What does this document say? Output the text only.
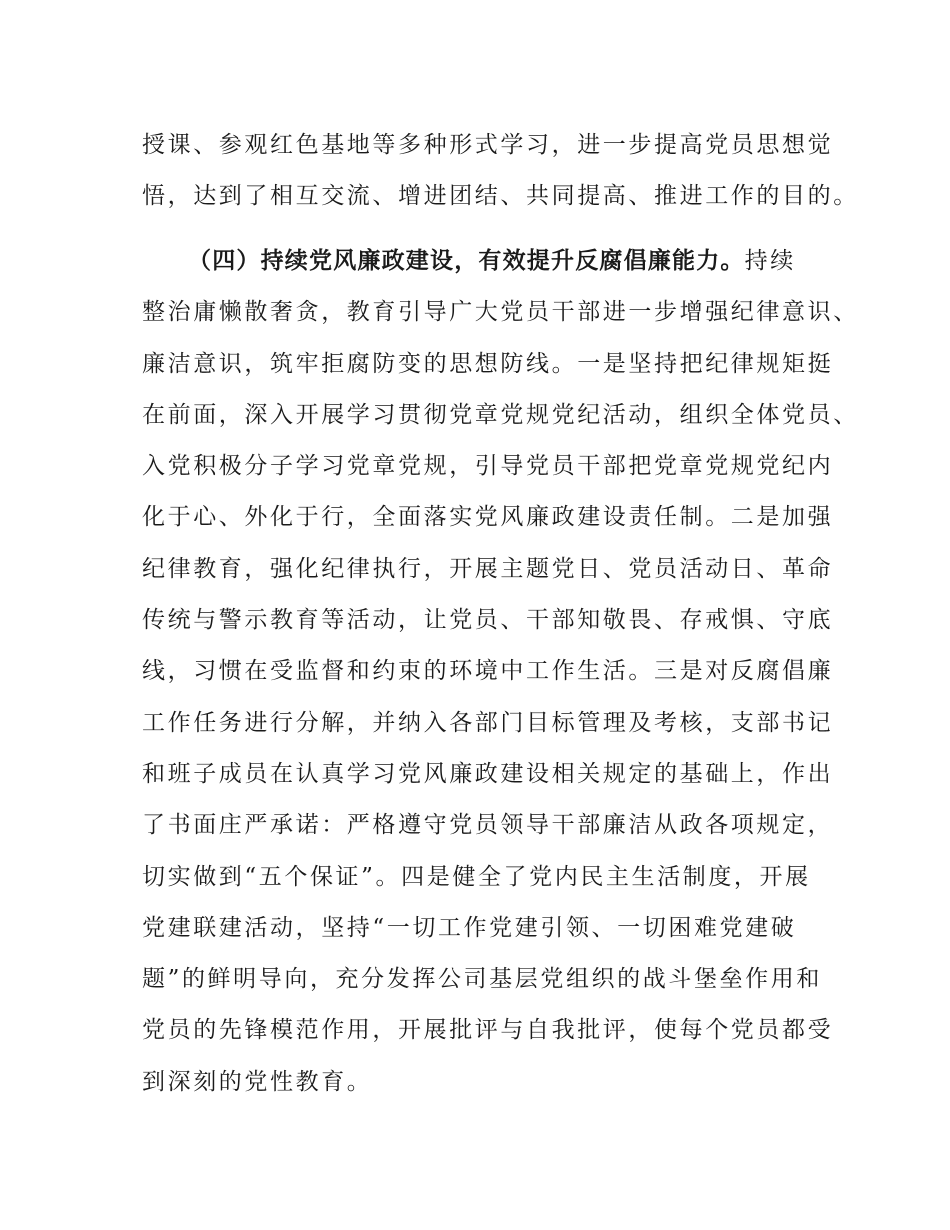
授课、参观红色基地等多种形式学习，进一步提高党员思想觉
悟，达到了相互交流、增进团结、共同提高、推进工作的目的。
（四）持续党风廉政建设，有效提升反腐倡廉能力。持续
整治庸懒散奢贪，教育引导广大党员干部进一步增强纪律意识、
廉洁意识，筑牢拒腐防变的思想防线。一是坚持把纪律规矩挺
在前面，深入开展学习贯彻党章党规党纪活动，组织全体党员、
入党积极分子学习党章党规，引导党员干部把党章党规党纪内
化于心、外化于行，全面落实党风廉政建设责任制。二是加强
纪律教育，强化纪律执行，开展主题党日、党员活动日、革命
传统与警示教育等活动，让党员、干部知敬畏、存戒惧、守底
线，习惯在受监督和约束的环境中工作生活。三是对反腐倡廉
工作任务进行分解，并纳入各部门目标管理及考核，支部书记
和班子成员在认真学习党风廉政建设相关规定的基础上，作出
了书面庄严承诺：严格遵守党员领导干部廉洁从政各项规定，
切实做到“五个保证”。四是健全了党内民主生活制度，开展
党建联建活动，坚持“一切工作党建引领、一切困难党建破
题”的鲜明导向，充分发挥公司基层党组织的战斗堡垒作用和
党员的先锋模范作用，开展批评与自我批评，使每个党员都受
到深刻的党性教育。
